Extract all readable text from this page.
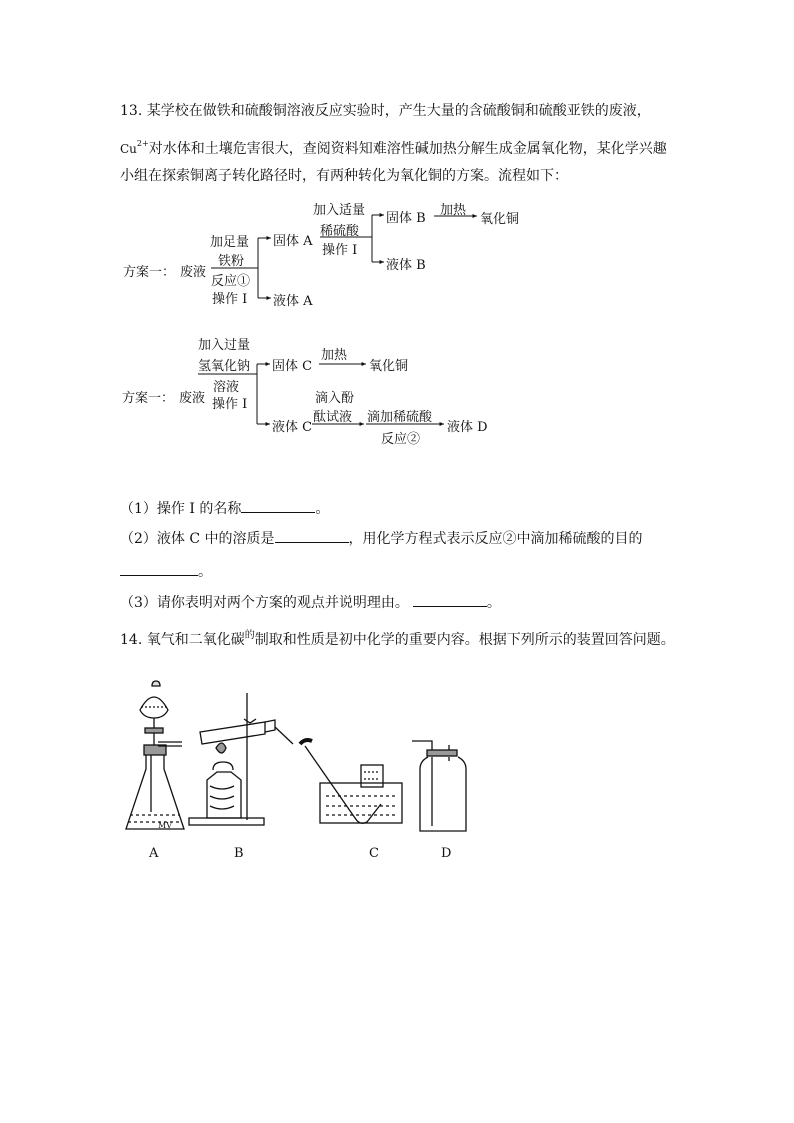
13. 某学校在做铁和硫酸铜溶液反应实验时，产生大量的含硫酸铜和硫酸亚铁的废液，
$Cu^{2+}$对水体和土壤危害很大，查阅资料知难溶性碱加热分解生成金属氧化物，某化学兴趣
小组在探索铜离子转化路径时，有两种转化为氧化铜的方案。流程如下：
加足量
铁粉
方案一： 废液
反应①
操作 I
固体 A
液体 A
加入适量
稀硫酸
操作 I
固体 B
加热
氧化铜
液体 B
加入过量
氢氧化钠
方案一： 废液
溶液
操作 I
固体 C
加热
氧化铜
液体 C
滴入酚
酞试液 滴加稀硫酸
反应②
液体 D
（1）操作 I 的名称	。
（2）液体 C 中的溶质是	，用化学方程式表示反应②中滴加稀硫酸的目的
。
（3）请你表明对两个方案的观点并说明理由。	。
14. 氧气和二氧化碳$^的$制取和性质是初中化学的重要内容。根据下列所示的装置回答问题。
MV
A	B	C	D
